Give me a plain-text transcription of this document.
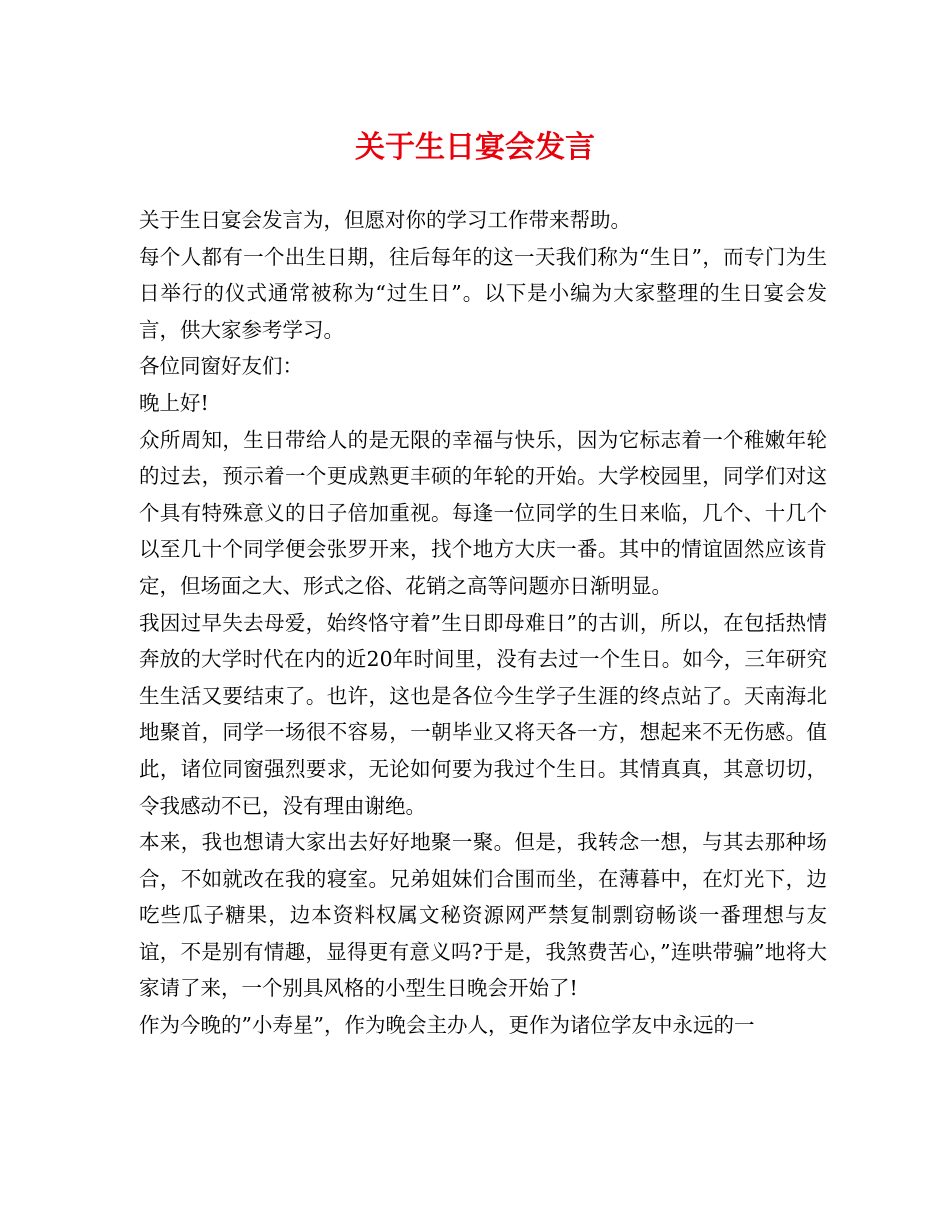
关于生日宴会发言

关于生日宴会发言为，但愿对你的学习工作带来帮助。

每个人都有一个出生日期，往后每年的这一天我们称为“生日”，而专门为生日举行的仪式通常被称为“过生日”。以下是小编为大家整理的生日宴会发言，供大家参考学习。

各位同窗好友们：

晚上好!

众所周知，生日带给人的是无限的幸福与快乐，因为它标志着一个稚嫩年轮的过去，预示着一个更成熟更丰硕的年轮的开始。大学校园里，同学们对这个具有特殊意义的日子倍加重视。每逢一位同学的生日来临，几个、十几个以至几十个同学便会张罗开来，找个地方大庆一番。其中的情谊固然应该肯定，但场面之大、形式之俗、花销之高等问题亦日渐明显。

我因过早失去母爱，始终恪守着”生日即母难日”的古训，所以，在包括热情奔放的大学时代在内的近20年时间里，没有去过一个生日。如今，三年研究生生活又要结束了。也许，这也是各位今生学子生涯的终点站了。天南海北地聚首，同学一场很不容易，一朝毕业又将天各一方，想起来不无伤感。值此，诸位同窗强烈要求，无论如何要为我过个生日。其情真真，其意切切，令我感动不已，没有理由谢绝。

本来，我也想请大家出去好好地聚一聚。但是，我转念一想，与其去那种场合，不如就改在我的寝室。兄弟姐妹们合围而坐，在薄暮中，在灯光下，边吃些瓜子糖果，边本资料权属文秘资源网严禁复制剽窃畅谈一番理想与友谊，不是别有情趣，显得更有意义吗?于是，我煞费苦心，”连哄带骗”地将大家请了来，一个别具风格的小型生日晚会开始了!

作为今晚的”小寿星”，作为晚会主办人，更作为诸位学友中永远的一
